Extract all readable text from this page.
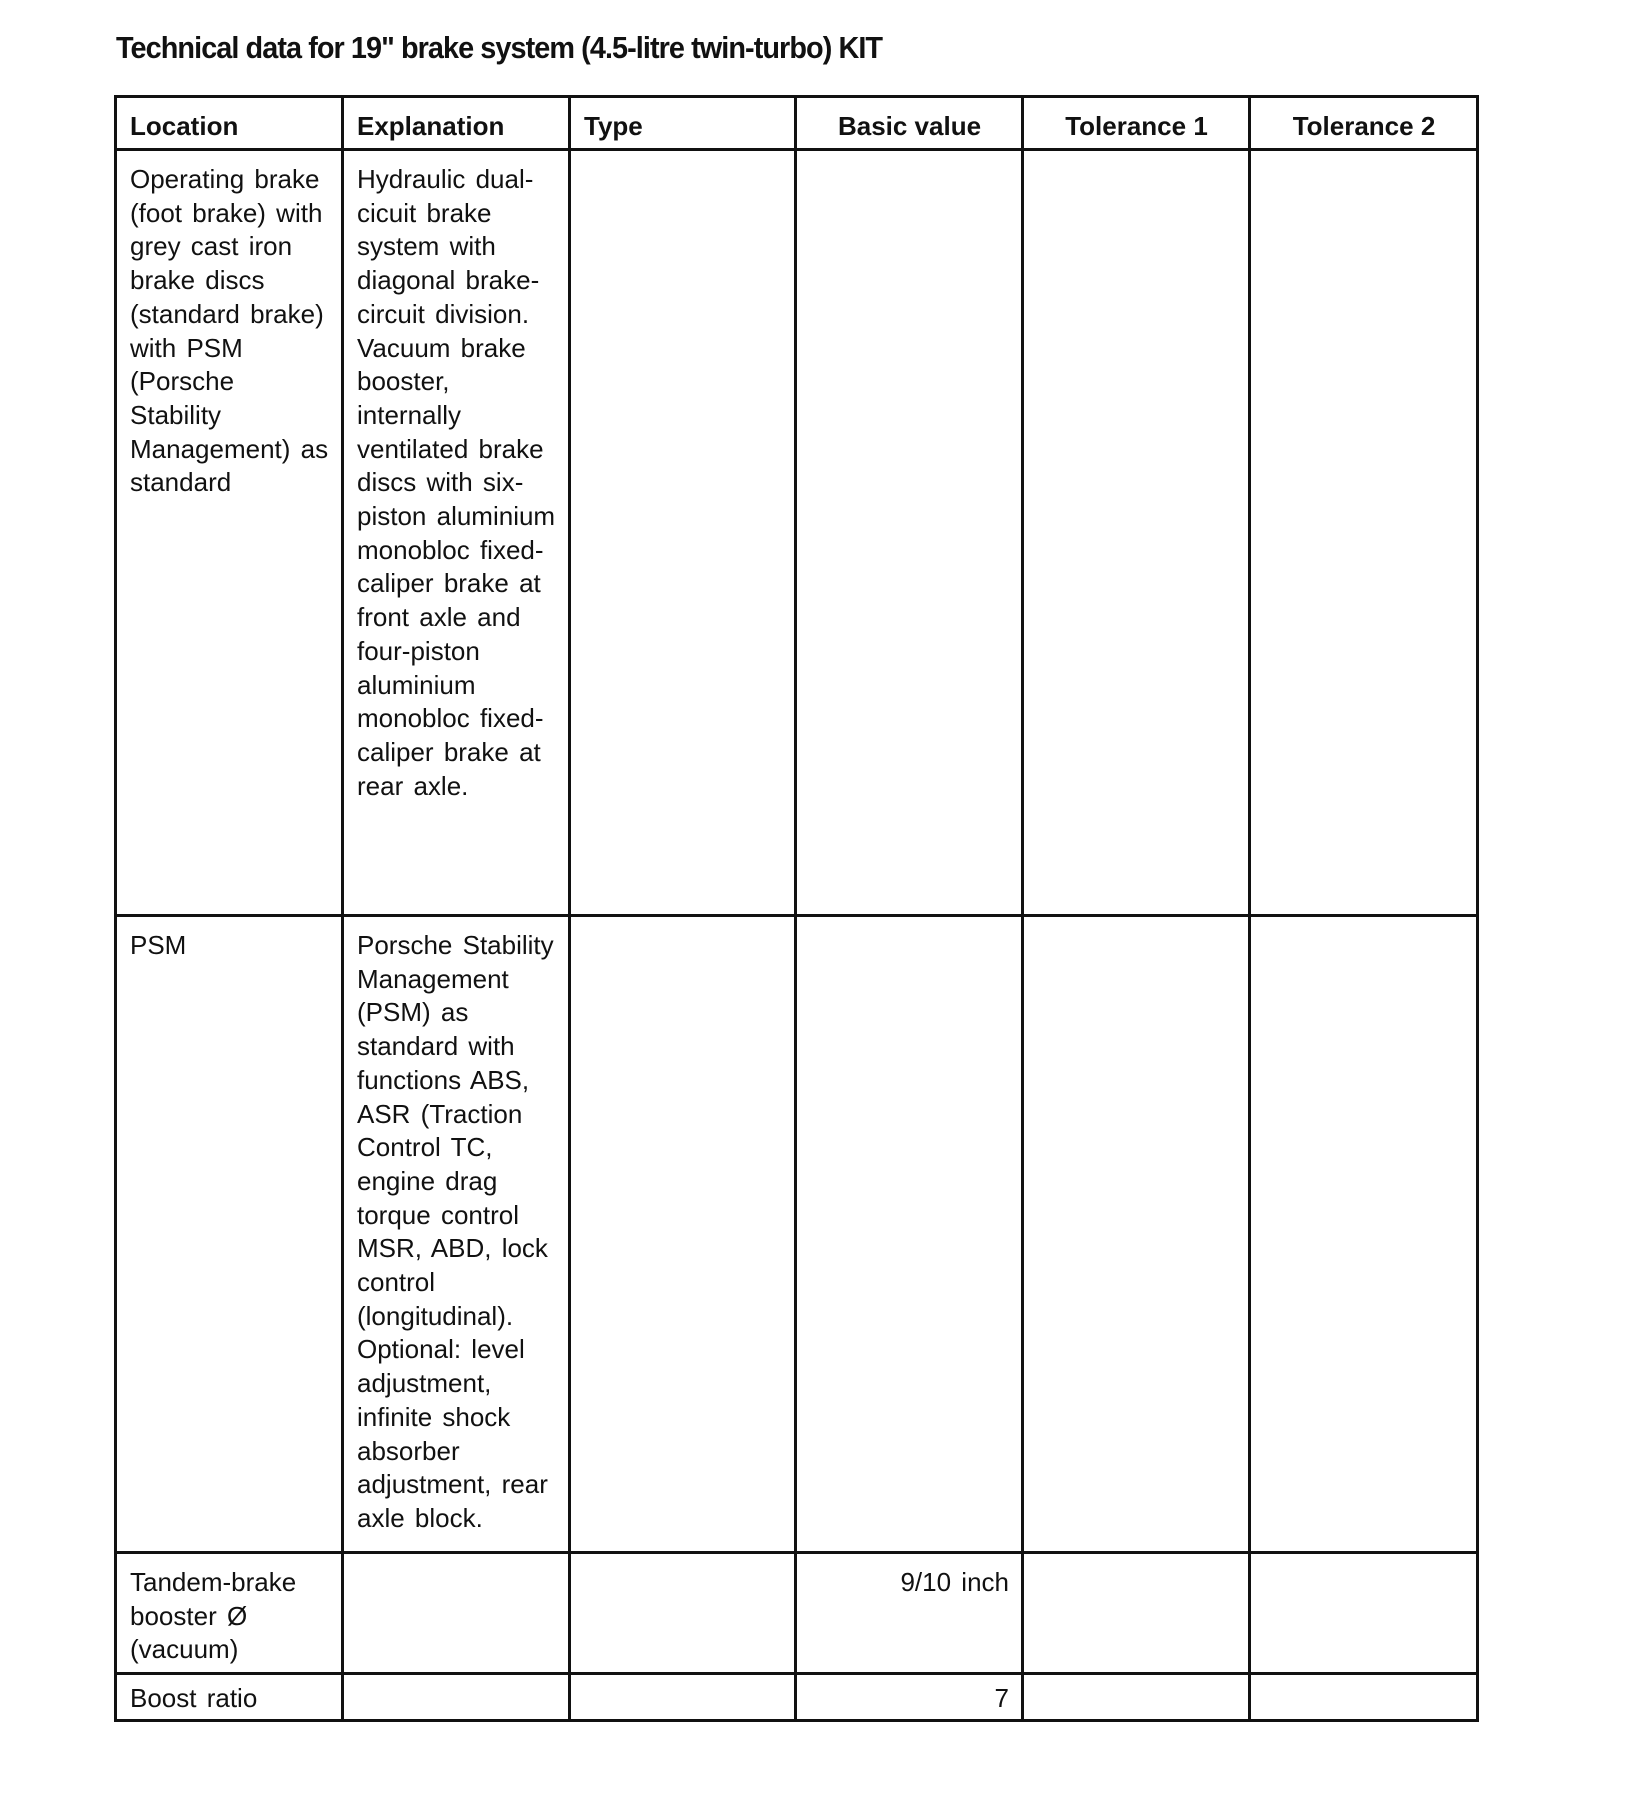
Technical data for 19" brake system (4.5-litre twin-turbo) KIT
Location	Explanation	Type	Basic value	Tolerance 1	Tolerance 2

Operating brake (foot brake) with grey cast iron brake discs (standard brake) with PSM (Porsche Stability Management) as standard	Hydraulic dual-cicuit brake system with diagonal brake-circuit division. Vacuum brake booster, internally ventilated brake discs with six-piston aluminium monobloc fixed-caliper brake at front axle and four-piston aluminium monobloc fixed-caliper brake at rear axle.				

PSM	Porsche Stability Management (PSM) as standard with functions ABS, ASR (Traction Control TC, engine drag torque control MSR, ABD, lock control (longitudinal). Optional: level adjustment, infinite shock absorber adjustment, rear axle block.				

Tandem-brake booster Ø (vacuum)			9/10 inch		

Boost ratio			7		
